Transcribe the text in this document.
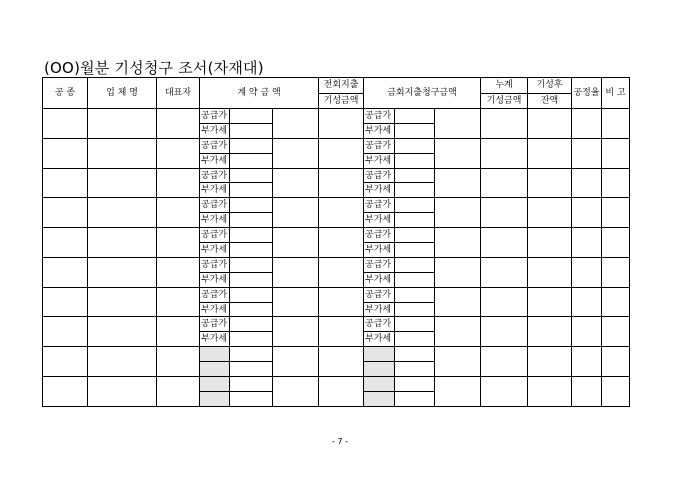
(OO)월분 기성청구 조서(자재대)
공 종	업 체 명	대표자	계 약 금 액			전회지출	금회지출청구금액			누계	기성후	공정율	비 고
						기성금액				기성금액	잔액		
			공급가				공급가						
			부가세				부가세						
			공급가				공급가						
			부가세				부가세						
			공급가				공급가						
			부가세				부가세						
			공급가				공급가						
			부가세				부가세						
			공급가				공급가						
			부가세				부가세						
			공급가				공급가						
			부가세				부가세						
			공급가				공급가						
			부가세				부가세						
			공급가				공급가						
			부가세				부가세						

- 7 -
